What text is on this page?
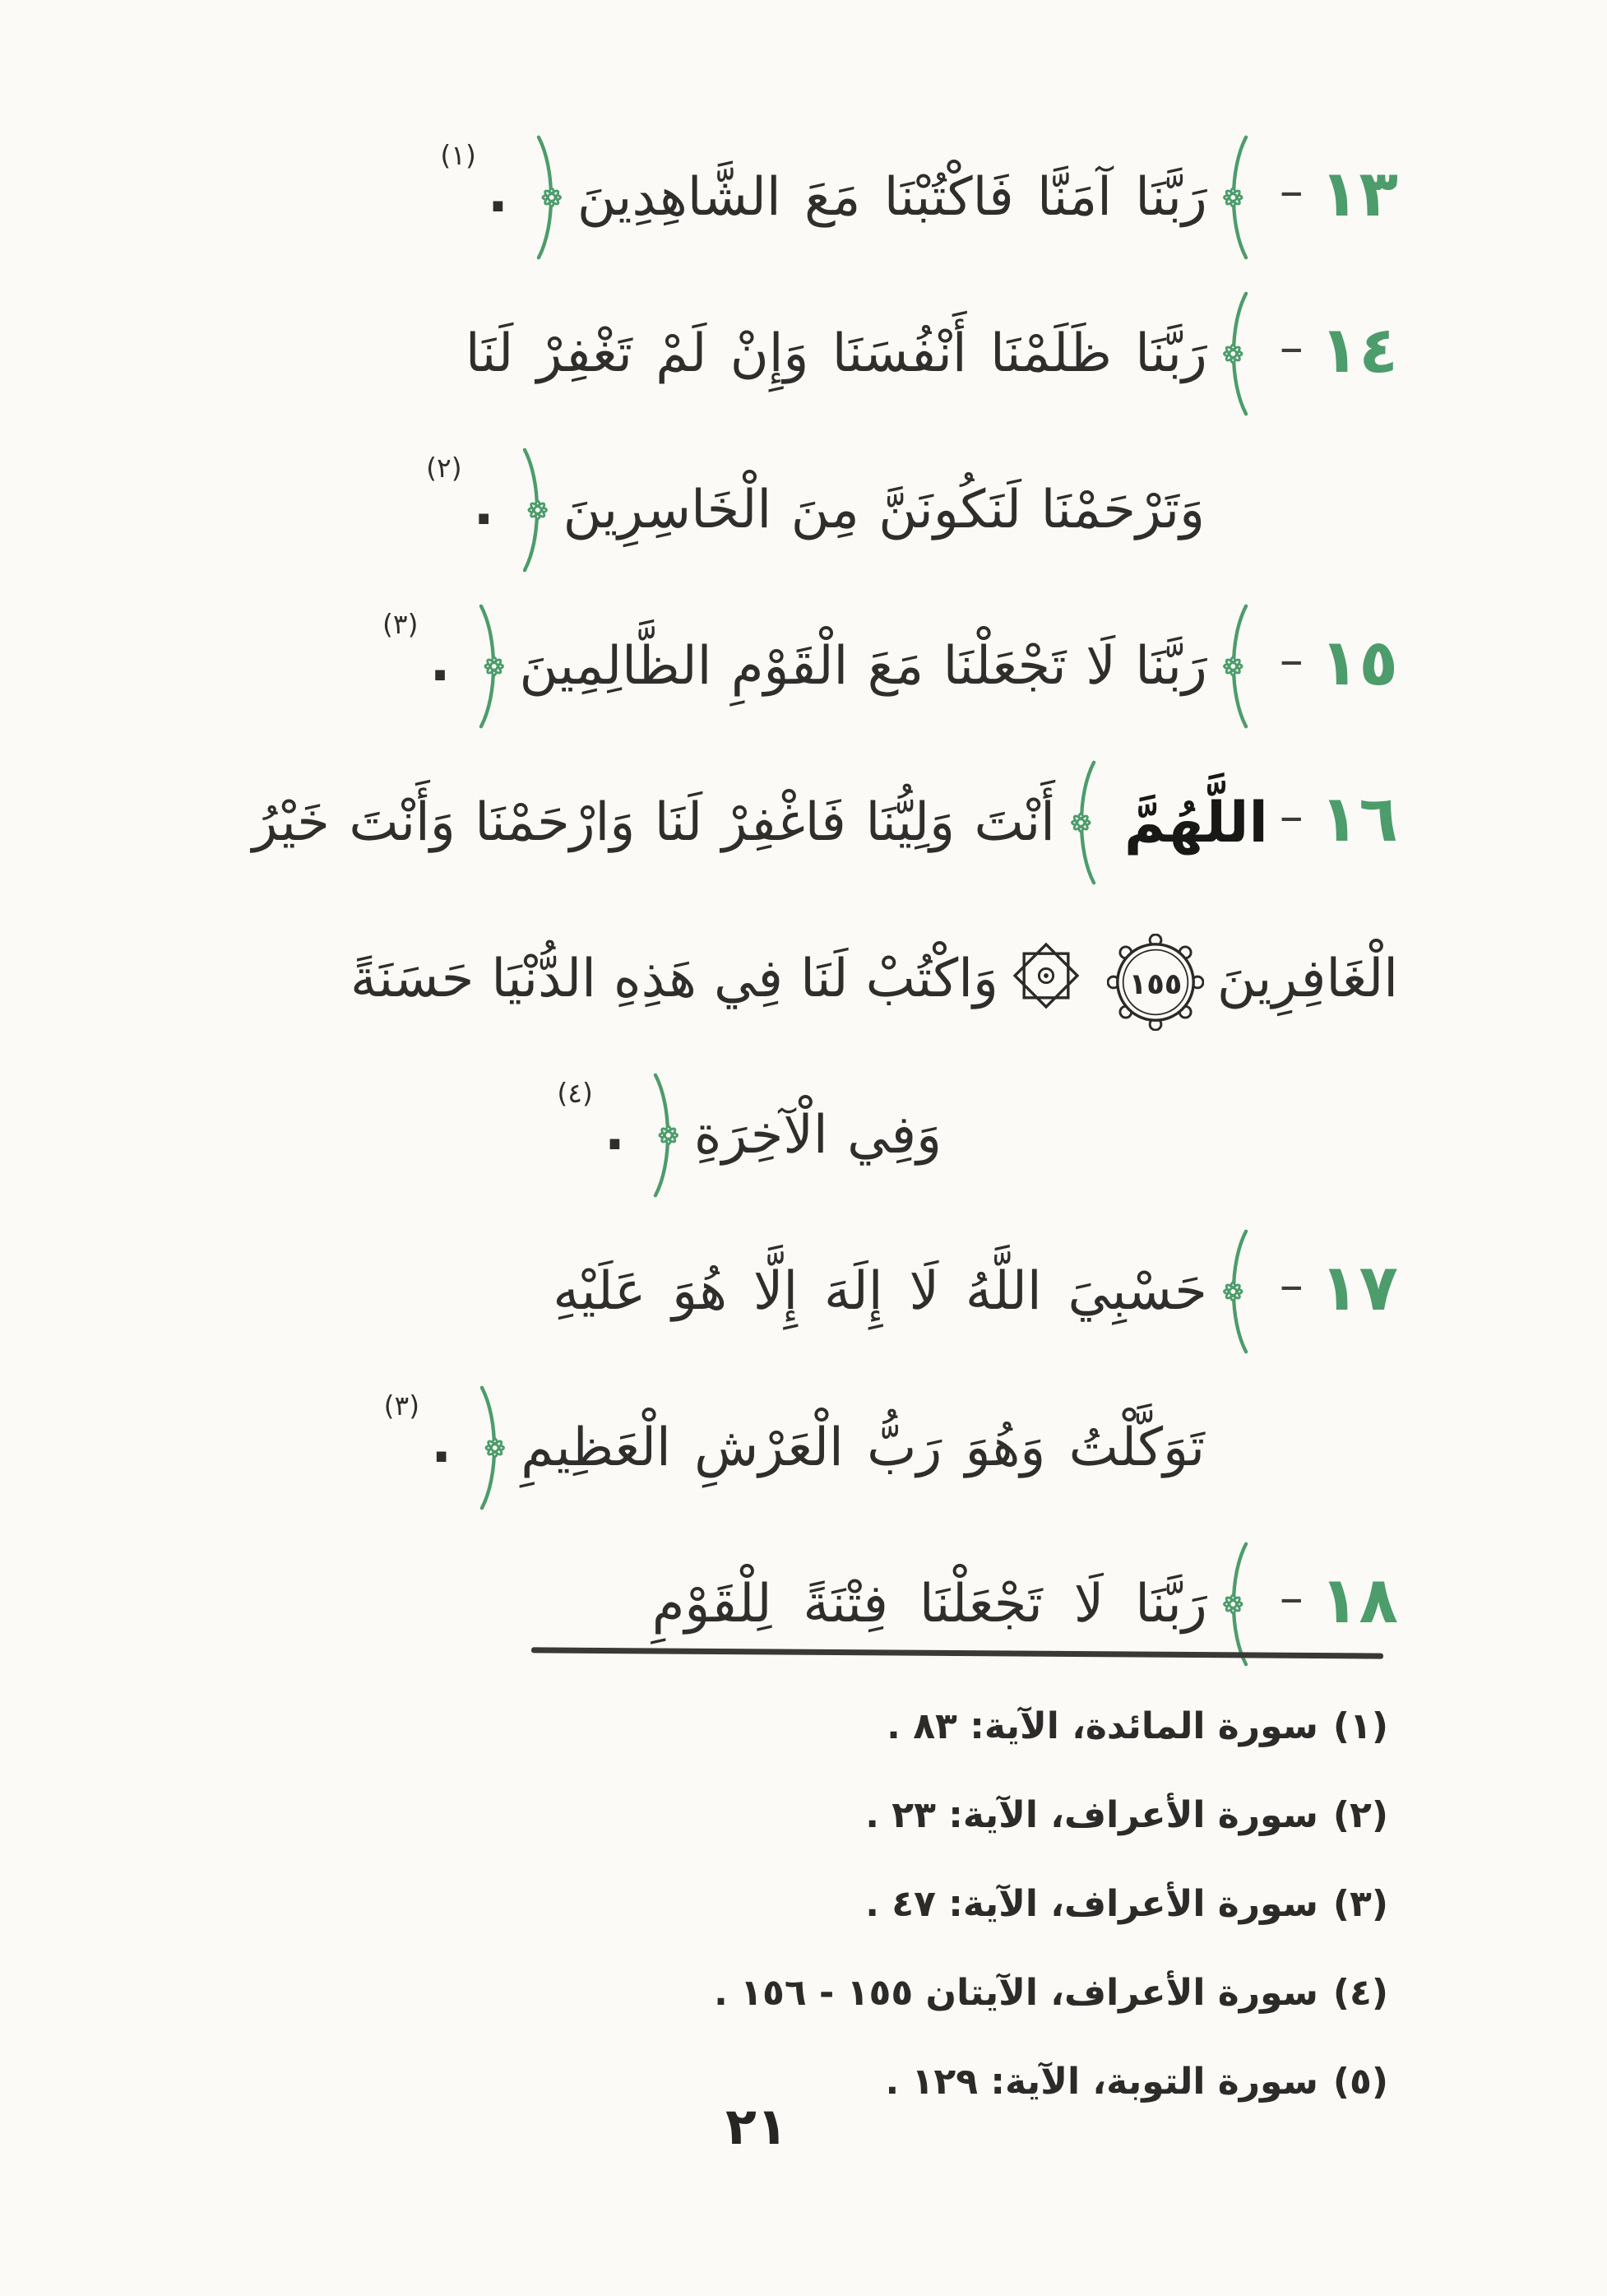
١٣
–
رَبَّنَا آمَنَّا فَاكْتُبْنَا مَعَ الشَّاهِدِينَ
.
$^{(١)}$
١٤
–
رَبَّنَا ظَلَمْنَا أَنْفُسَنَا وَإِنْ لَمْ تَغْفِرْ لَنَا
وَتَرْحَمْنَا لَنَكُونَنَّ مِنَ الْخَاسِرِينَ
.
$^{(٢)}$
١٥
–
رَبَّنَا لَا تَجْعَلْنَا مَعَ الْقَوْمِ الظَّالِمِينَ
.
$^{(٣)}$
١٦
–
اللَّهُمَّ
أَنْتَ وَلِيُّنَا فَاغْفِرْ لَنَا وَارْحَمْنَا وَأَنْتَ خَيْرُ
الْغَافِرِينَ
١٥٥
وَاكْتُبْ لَنَا فِي هَذِهِ الدُّنْيَا حَسَنَةً
وَفِي الْآخِرَةِ
.
$^{(٤)}$
١٧
–
حَسْبِيَ اللَّهُ لَا إِلَهَ إِلَّا هُوَ عَلَيْهِ
تَوَكَّلْتُ وَهُوَ رَبُّ الْعَرْشِ الْعَظِيمِ
.
$^{(٣)}$
١٨
–
رَبَّنَا لَا تَجْعَلْنَا فِتْنَةً لِلْقَوْمِ
(١)
سورة المائدة، الآية: ٨٣ .
(٢)
سورة الأعراف، الآية: ٢٣ .
(٣)
سورة الأعراف، الآية: ٤٧ .
(٤)
سورة الأعراف، الآيتان ١٥٥ - ١٥٦ .
(٥)
سورة التوبة، الآية: ١٢٩ .
٢١
